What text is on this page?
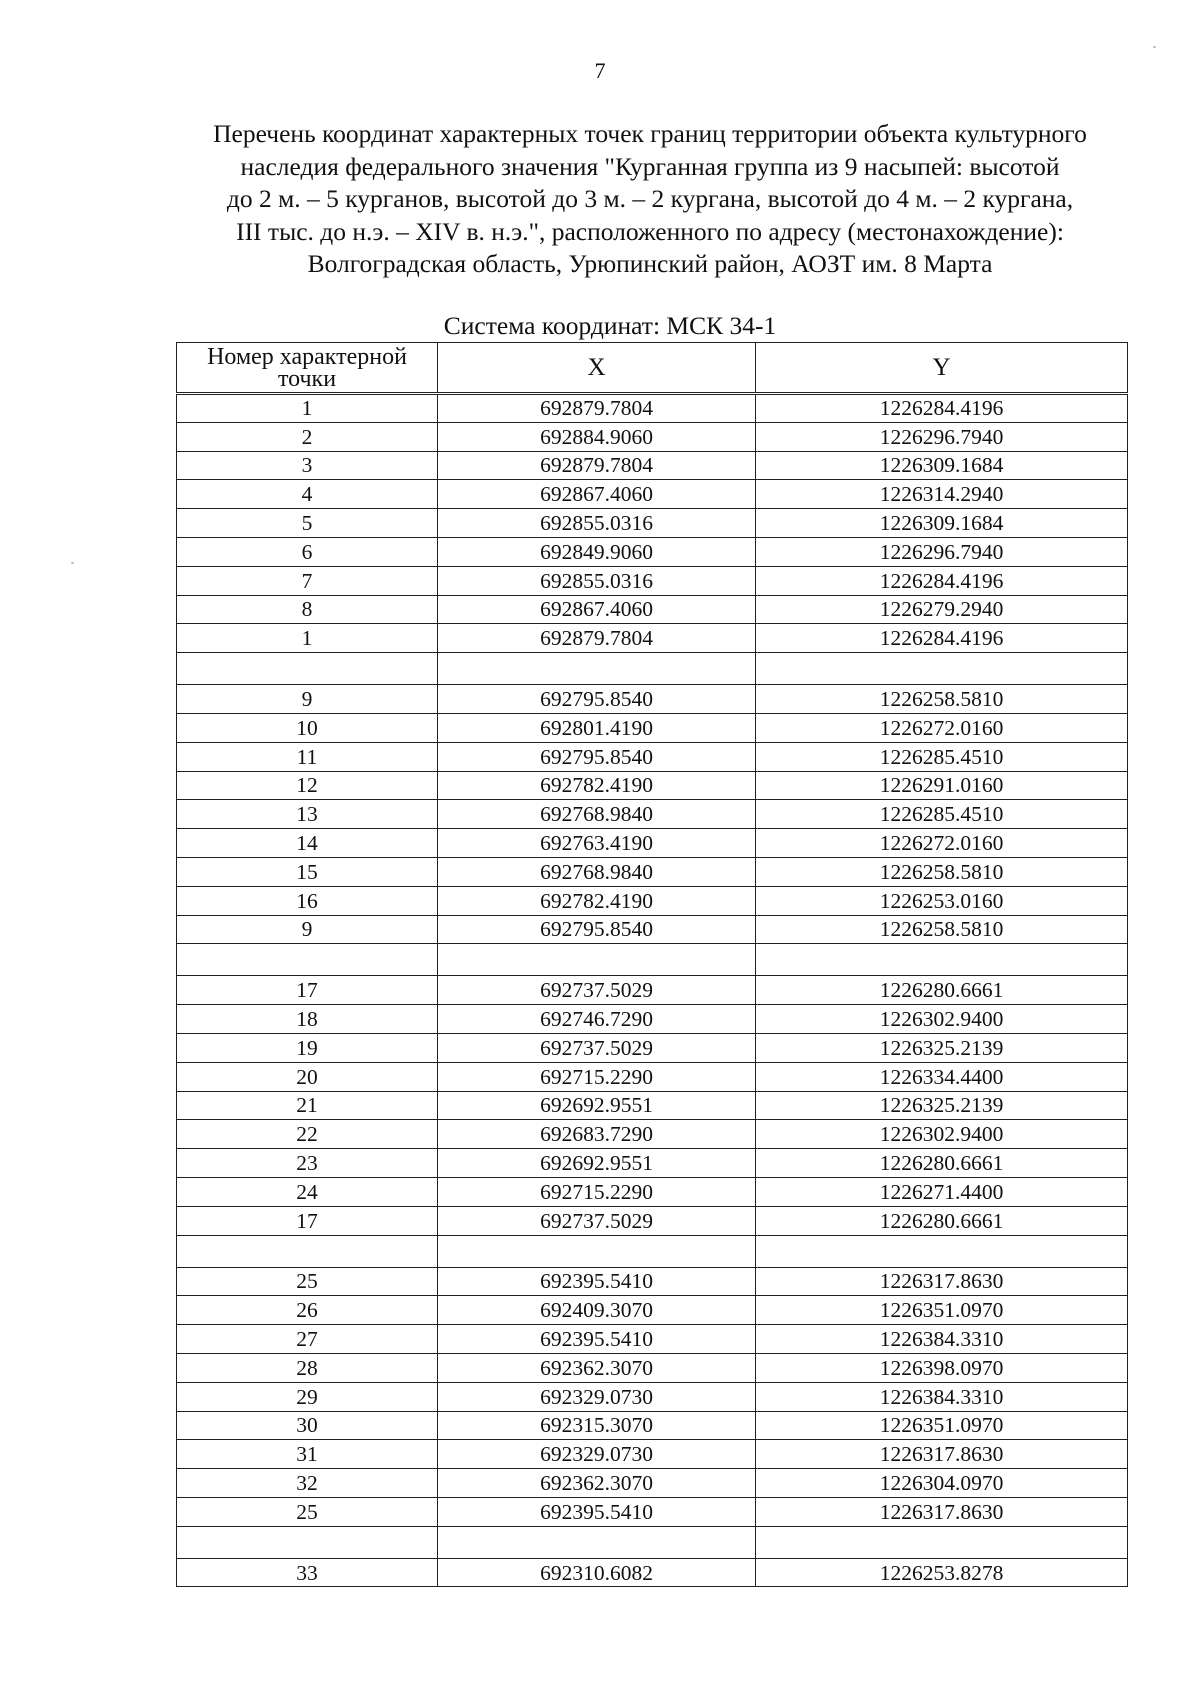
7
Перечень координат характерных точек границ территории объекта культурного
наследия федерального значения "Курганная группа из 9 насыпей: высотой
до 2 м. – 5 курганов, высотой до 3 м. – 2 кургана, высотой до 4 м. – 2 кургана,
III тыс. до н.э. – XIV в. н.э.", расположенного по адресу (местонахождение):
Волгоградская область, Урюпинский район, АОЗТ им. 8 Марта
Система координат: МСК 34-1
Номер характерной точки	X	Y
1	692879.7804	1226284.4196
2	692884.9060	1226296.7940
3	692879.7804	1226309.1684
4	692867.4060	1226314.2940
5	692855.0316	1226309.1684
6	692849.9060	1226296.7940
7	692855.0316	1226284.4196
8	692867.4060	1226279.2940
1	692879.7804	1226284.4196

9	692795.8540	1226258.5810
10	692801.4190	1226272.0160
11	692795.8540	1226285.4510
12	692782.4190	1226291.0160
13	692768.9840	1226285.4510
14	692763.4190	1226272.0160
15	692768.9840	1226258.5810
16	692782.4190	1226253.0160
9	692795.8540	1226258.5810

17	692737.5029	1226280.6661
18	692746.7290	1226302.9400
19	692737.5029	1226325.2139
20	692715.2290	1226334.4400
21	692692.9551	1226325.2139
22	692683.7290	1226302.9400
23	692692.9551	1226280.6661
24	692715.2290	1226271.4400
17	692737.5029	1226280.6661

25	692395.5410	1226317.8630
26	692409.3070	1226351.0970
27	692395.5410	1226384.3310
28	692362.3070	1226398.0970
29	692329.0730	1226384.3310
30	692315.3070	1226351.0970
31	692329.0730	1226317.8630
32	692362.3070	1226304.0970
25	692395.5410	1226317.8630

33	692310.6082	1226253.8278
